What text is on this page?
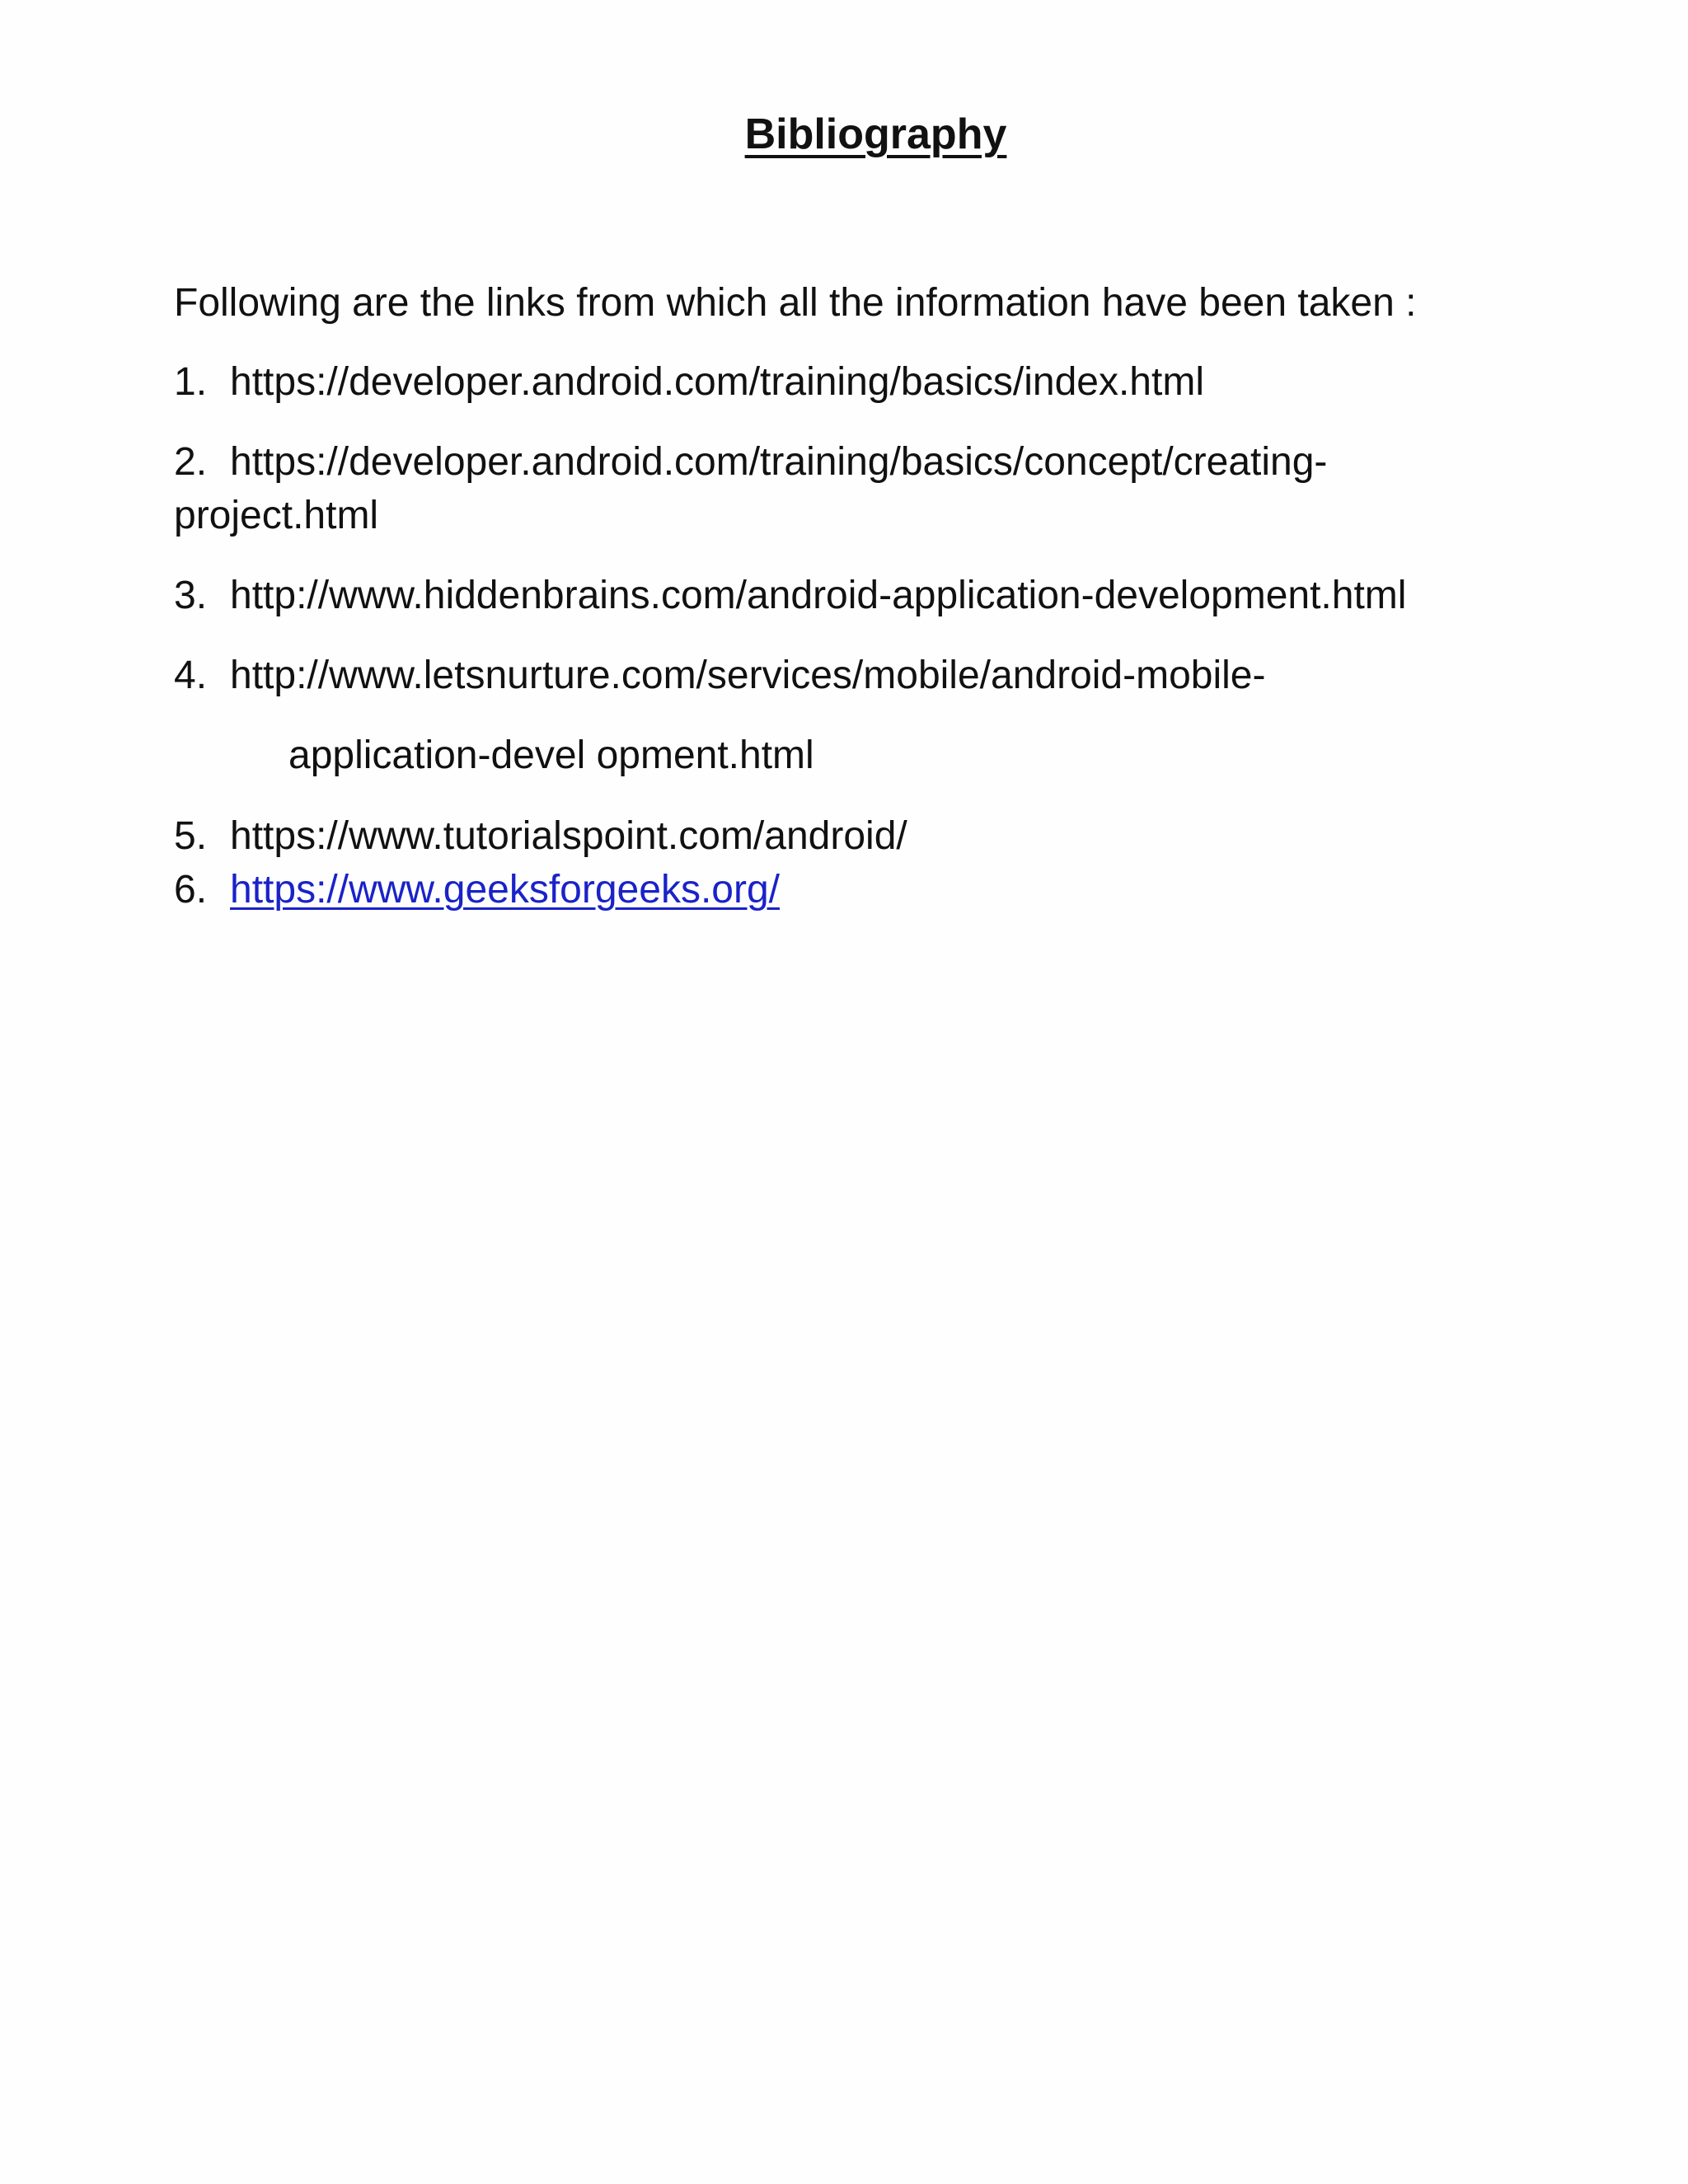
Bibliography
Following are the links from which all the information have been taken :
1. https://developer.android.com/training/basics/index.html
2. https://developer.android.com/training/basics/concept/creating-
project.html
3. http://www.hiddenbrains.com/android-application-development.html
4. http://www.letsnurture.com/services/mobile/android-mobile-
application-devel opment.html
5. https://www.tutorialspoint.com/android/
6. https://www.geeksforgeeks.org/
